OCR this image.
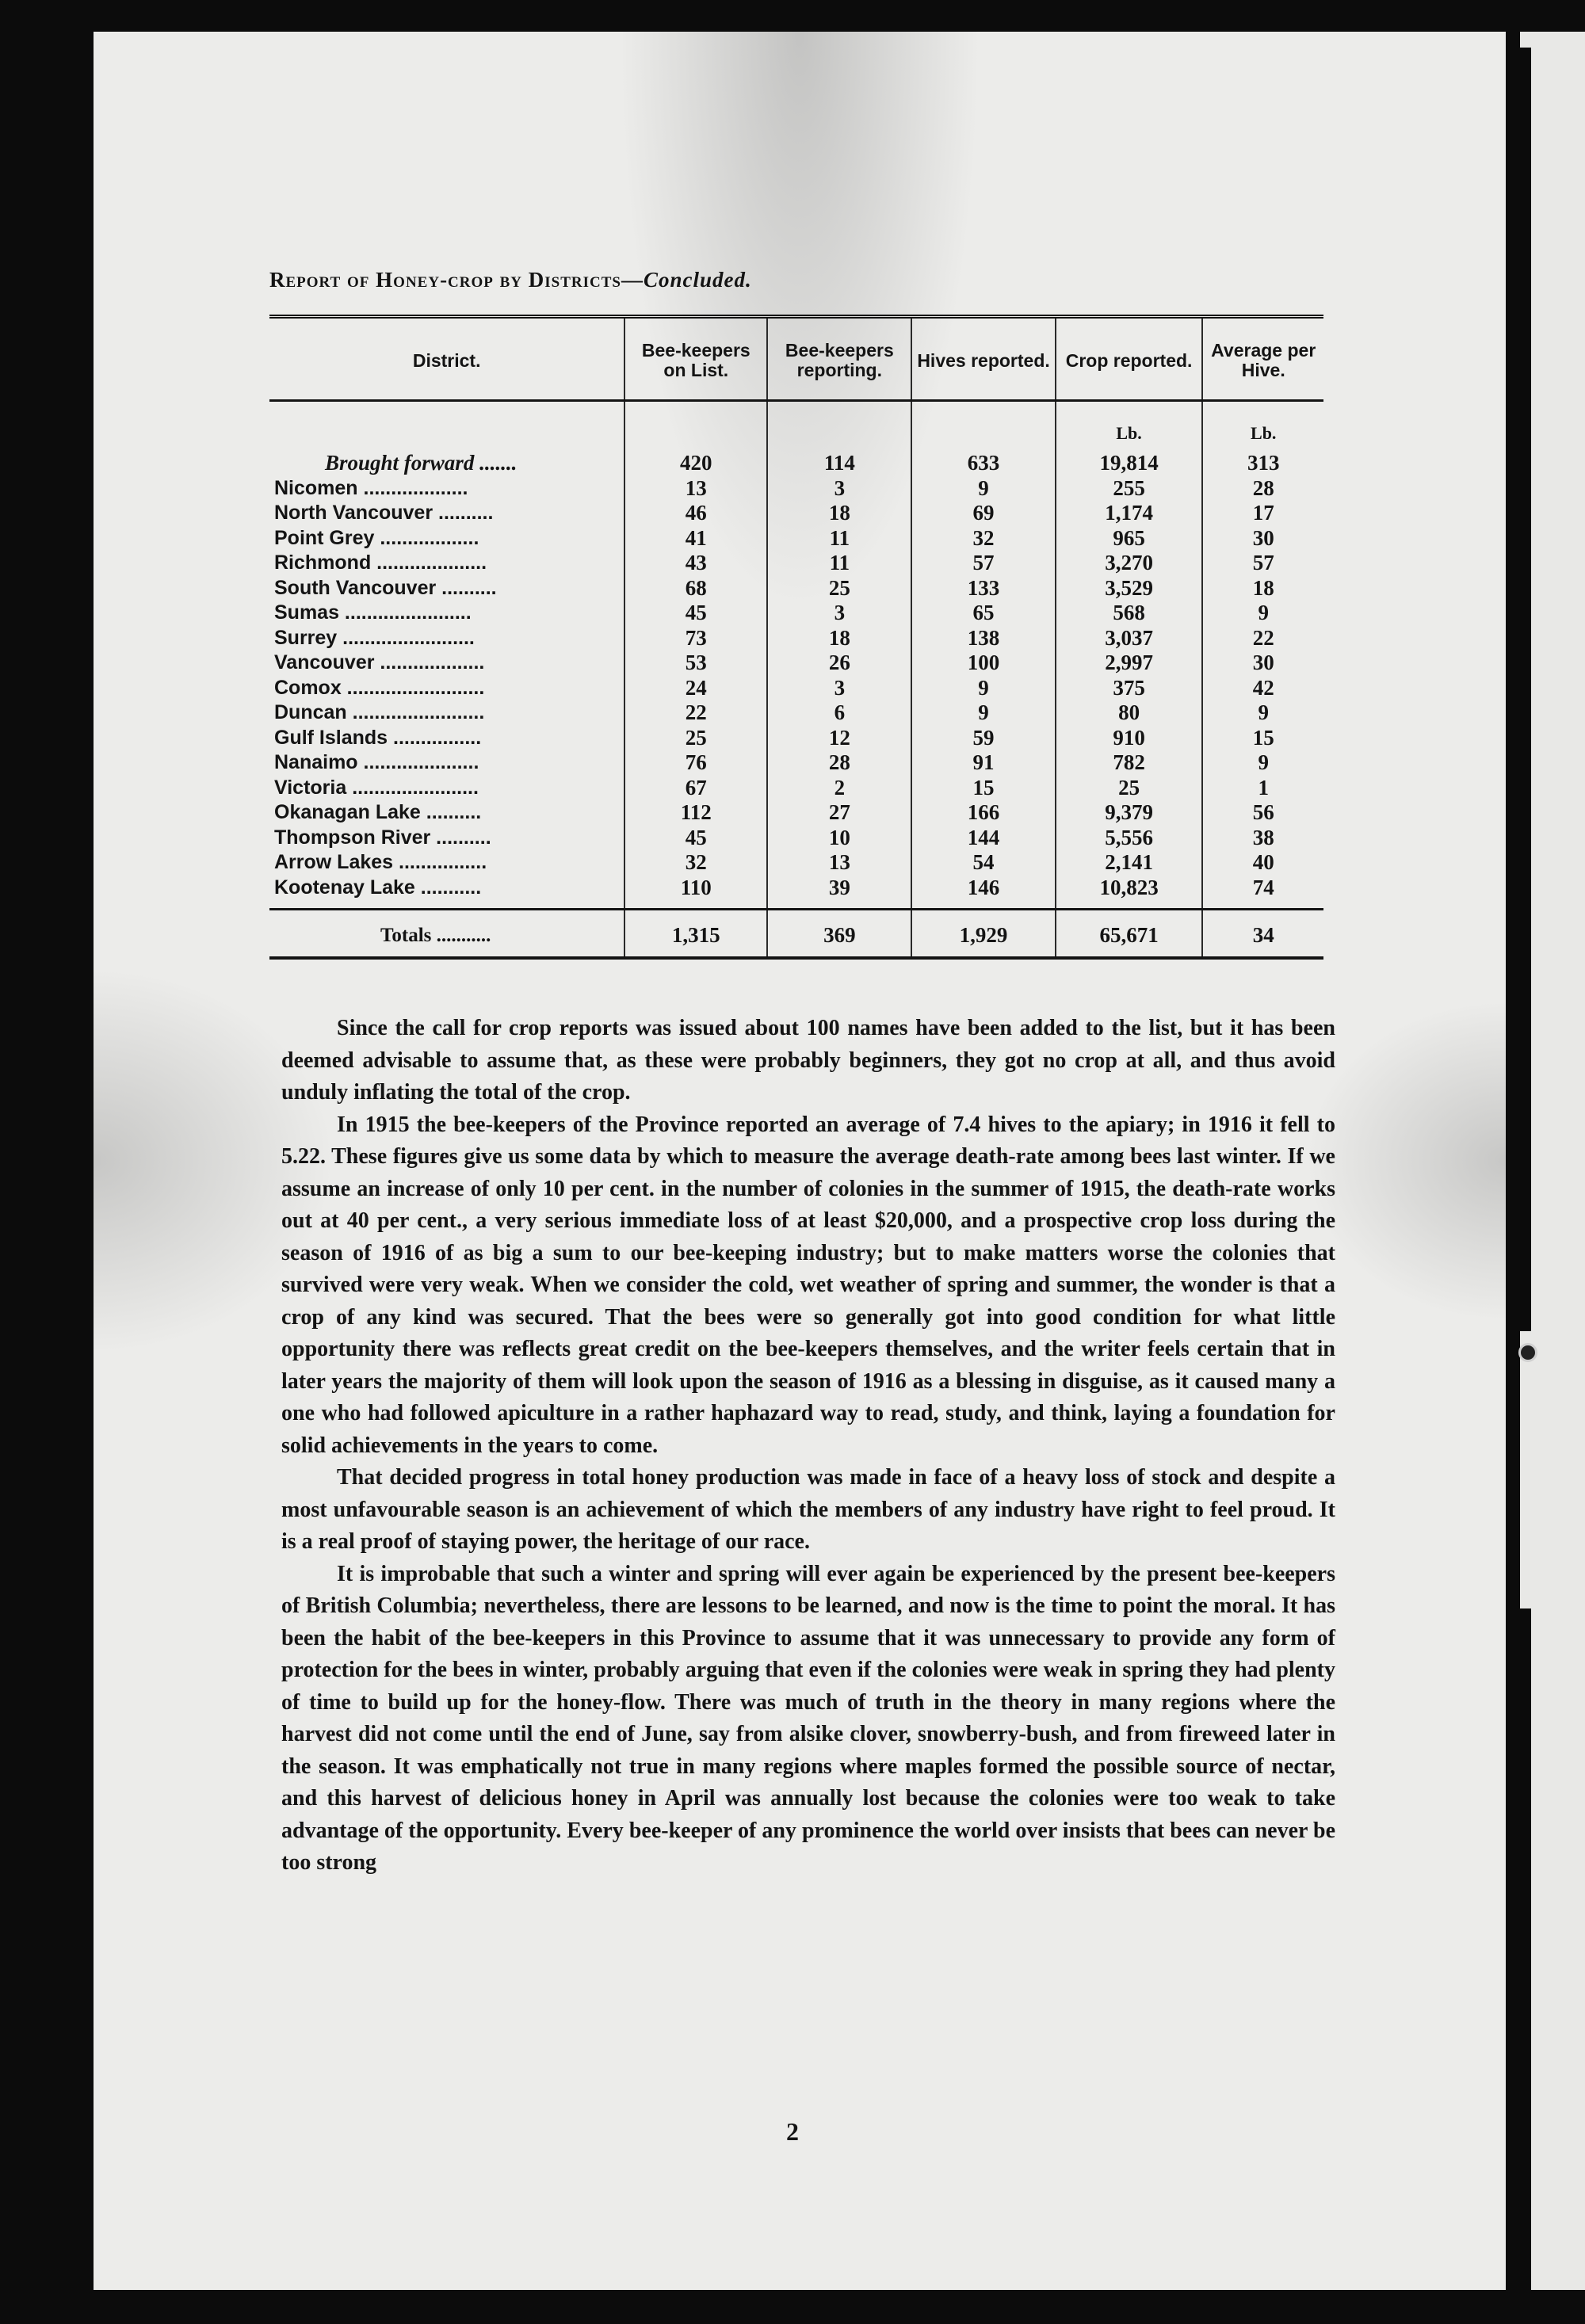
Report of Honey-crop by Districts—Concluded.
District.	Bee-keepers on List.	Bee-keepers reporting.	Hives reported.	Crop reported.	Average per Hive.
				Lb.	Lb.
Brought forward .......	420	114	633	19,814	313
Nicomen ...................	13	3	9	255	28
North Vancouver ..........	46	18	69	1,174	17
Point Grey ..................	41	11	32	965	30
Richmond ....................	43	11	57	3,270	57
South Vancouver ..........	68	25	133	3,529	18
Sumas .......................	45	3	65	568	9
Surrey ........................	73	18	138	3,037	22
Vancouver ...................	53	26	100	2,997	30
Comox .........................	24	3	9	375	42
Duncan ........................	22	6	9	80	9
Gulf Islands ................	25	12	59	910	15
Nanaimo .....................	76	28	91	782	9
Victoria .......................	67	2	15	25	1
Okanagan Lake ..........	112	27	166	9,379	56
Thompson River ..........	45	10	144	5,556	38
Arrow Lakes ................	32	13	54	2,141	40
Kootenay Lake ...........	110	39	146	10,823	74
Totals ...........	1,315	369	1,929	65,671	34

Since the call for crop reports was issued about 100 names have been added to the list, but it has been deemed advisable to assume that, as these were probably beginners, they got no crop at all, and thus avoid unduly inflating the total of the crop.

In 1915 the bee-keepers of the Province reported an average of 7.4 hives to the apiary; in 1916 it fell to 5.22. These figures give us some data by which to measure the average death-rate among bees last winter. If we assume an increase of only 10 per cent. in the number of colonies in the summer of 1915, the death-rate works out at 40 per cent., a very serious immediate loss of at least $20,000, and a prospective crop loss during the season of 1916 of as big a sum to our bee-keeping industry; but to make matters worse the colonies that survived were very weak. When we consider the cold, wet weather of spring and summer, the wonder is that a crop of any kind was secured. That the bees were so generally got into good condition for what little opportunity there was reflects great credit on the bee-keepers themselves, and the writer feels certain that in later years the majority of them will look upon the season of 1916 as a blessing in disguise, as it caused many a one who had followed apiculture in a rather haphazard way to read, study, and think, laying a foundation for solid achievements in the years to come.

That decided progress in total honey production was made in face of a heavy loss of stock and despite a most unfavourable season is an achievement of which the members of any industry have right to feel proud. It is a real proof of staying power, the heritage of our race.

It is improbable that such a winter and spring will ever again be experienced by the present bee-keepers of British Columbia; nevertheless, there are lessons to be learned, and now is the time to point the moral. It has been the habit of the bee-keepers in this Province to assume that it was unnecessary to provide any form of protection for the bees in winter, probably arguing that even if the colonies were weak in spring they had plenty of time to build up for the honey-flow. There was much of truth in the theory in many regions where the harvest did not come until the end of June, say from alsike clover, snowberry-bush, and from fireweed later in the season. It was emphatically not true in many regions where maples formed the possible source of nectar, and this harvest of delicious honey in April was annually lost because the colonies were too weak to take advantage of the opportunity. Every bee-keeper of any prominence the world over insists that bees can never be too strong

2
